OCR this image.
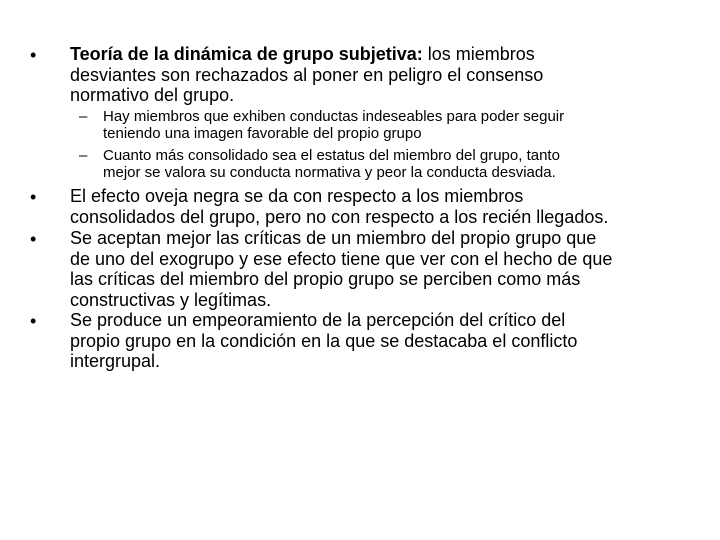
• Teoría de la dinámica de grupo subjetiva: los miembros
desviantes son rechazados al poner en peligro el consenso
normativo del grupo.
– Hay miembros que exhiben conductas indeseables para poder seguir
teniendo una imagen favorable del propio grupo
– Cuanto más consolidado sea el estatus del miembro del grupo, tanto
mejor se valora su conducta normativa y peor la conducta desviada.
• El efecto oveja negra se da con respecto a los miembros
consolidados del grupo, pero no con respecto a los recién llegados.
• Se aceptan mejor las críticas de un miembro del propio grupo que
de uno del exogrupo y ese efecto tiene que ver con el hecho de que
las críticas del miembro del propio grupo se perciben como más
constructivas y legítimas.
• Se produce un empeoramiento de la percepción del crítico del
propio grupo en la condición en la que se destacaba el conflicto
intergrupal.
